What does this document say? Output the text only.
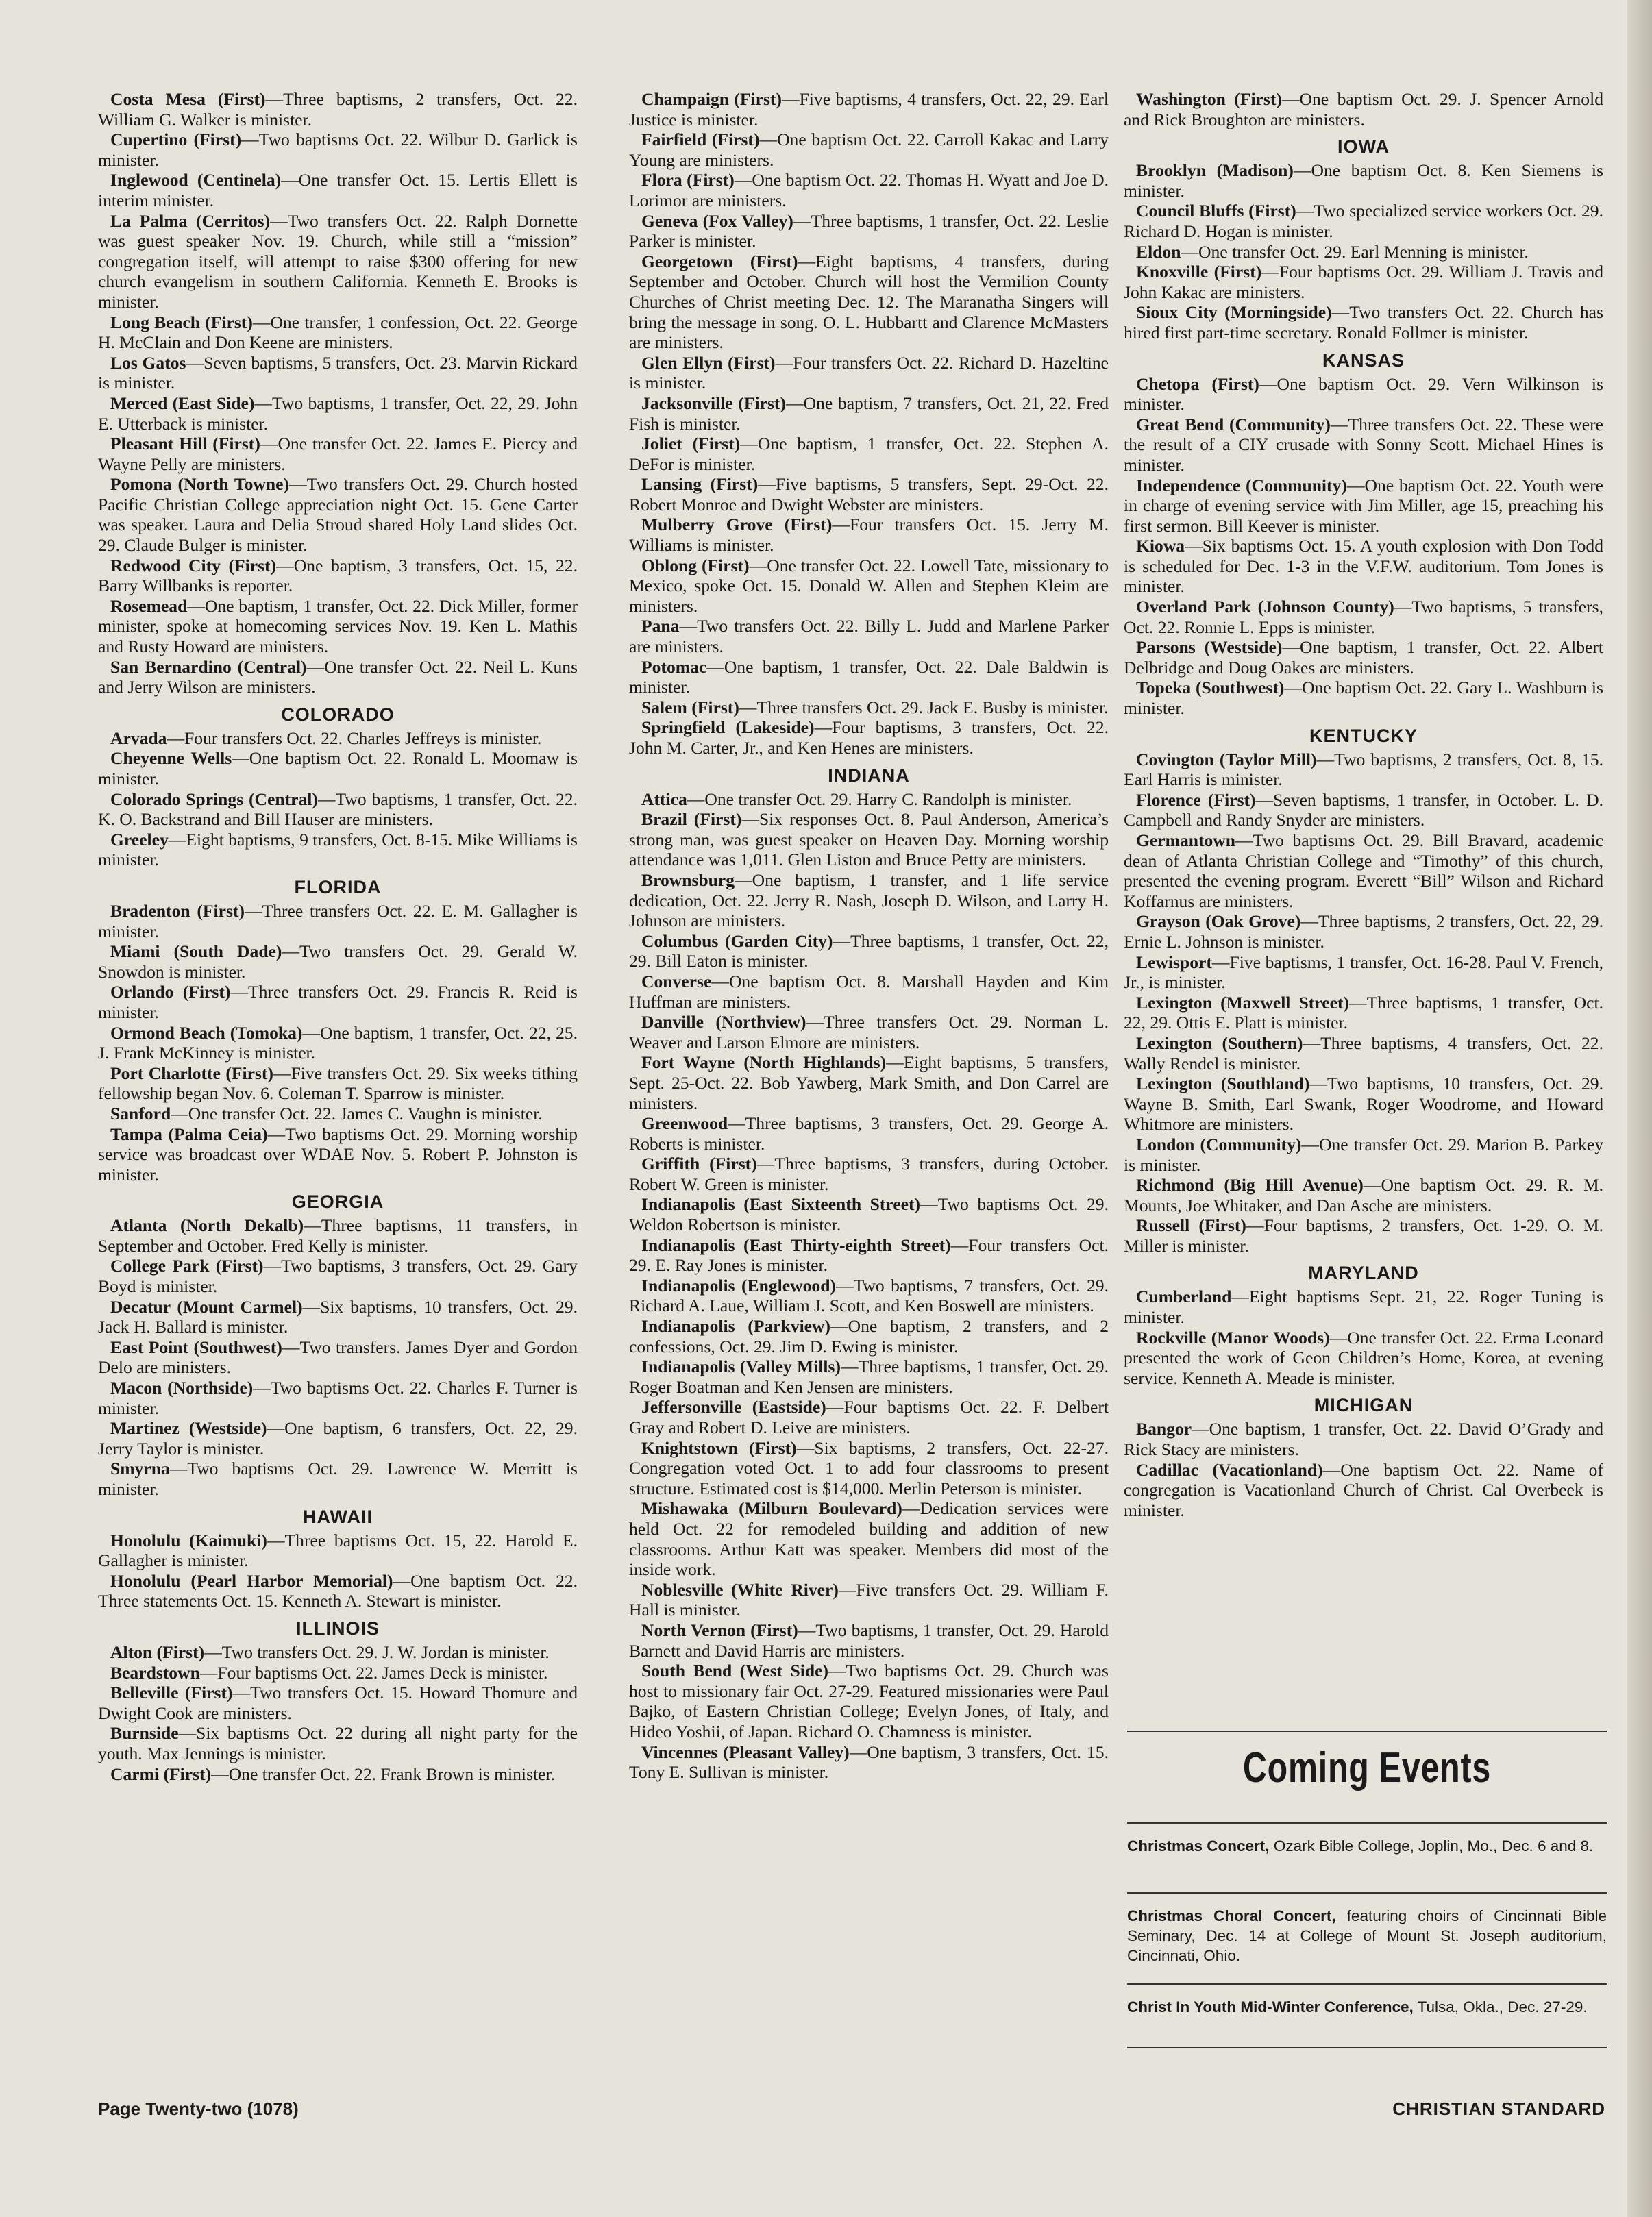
Costa Mesa (First)—Three baptisms, 2 transfers, Oct. 22. William G. Walker is minister.

Cupertino (First)—Two baptisms Oct. 22. Wilbur D. Garlick is minister.

Inglewood (Centinela)—One transfer Oct. 15. Lertis Ellett is interim minister.

La Palma (Cerritos)—Two transfers Oct. 22. Ralph Dornette was guest speaker Nov. 19. Church, while still a “mission” congregation itself, will attempt to raise $300 offering for new church evangelism in southern California. Kenneth E. Brooks is minister.

Long Beach (First)—One transfer, 1 confession, Oct. 22. George H. McClain and Don Keene are ministers.

Los Gatos—Seven baptisms, 5 transfers, Oct. 23. Marvin Rickard is minister.

Merced (East Side)—Two baptisms, 1 transfer, Oct. 22, 29. John E. Utterback is minister.

Pleasant Hill (First)—One transfer Oct. 22. James E. Piercy and Wayne Pelly are ministers.

Pomona (North Towne)—Two transfers Oct. 29. Church hosted Pacific Christian College appreciation night Oct. 15. Gene Carter was speaker. Laura and Delia Stroud shared Holy Land slides Oct. 29. Claude Bulger is minister.

Redwood City (First)—One baptism, 3 transfers, Oct. 15, 22. Barry Willbanks is reporter.

Rosemead—One baptism, 1 transfer, Oct. 22. Dick Miller, former minister, spoke at homecoming services Nov. 19. Ken L. Mathis and Rusty Howard are ministers.

San Bernardino (Central)—One transfer Oct. 22. Neil L. Kuns and Jerry Wilson are ministers.

COLORADO

Arvada—Four transfers Oct. 22. Charles Jeffreys is minister.

Cheyenne Wells—One baptism Oct. 22. Ronald L. Moomaw is minister.

Colorado Springs (Central)—Two baptisms, 1 transfer, Oct. 22. K. O. Backstrand and Bill Hauser are ministers.

Greeley—Eight baptisms, 9 transfers, Oct. 8-15. Mike Williams is minister.

FLORIDA

Bradenton (First)—Three transfers Oct. 22. E. M. Gallagher is minister.

Miami (South Dade)—Two transfers Oct. 29. Gerald W. Snowdon is minister.

Orlando (First)—Three transfers Oct. 29. Francis R. Reid is minister.

Ormond Beach (Tomoka)—One baptism, 1 transfer, Oct. 22, 25. J. Frank McKinney is minister.

Port Charlotte (First)—Five transfers Oct. 29. Six weeks tithing fellowship began Nov. 6. Coleman T. Sparrow is minister.

Sanford—One transfer Oct. 22. James C. Vaughn is minister.

Tampa (Palma Ceia)—Two baptisms Oct. 29. Morning worship service was broadcast over WDAE Nov. 5. Robert P. Johnston is minister.

GEORGIA

Atlanta (North Dekalb)—Three baptisms, 11 transfers, in September and October. Fred Kelly is minister.

College Park (First)—Two baptisms, 3 transfers, Oct. 29. Gary Boyd is minister.

Decatur (Mount Carmel)—Six baptisms, 10 transfers, Oct. 29. Jack H. Ballard is minister.

East Point (Southwest)—Two transfers. James Dyer and Gordon Delo are ministers.

Macon (Northside)—Two baptisms Oct. 22. Charles F. Turner is minister.

Martinez (Westside)—One baptism, 6 transfers, Oct. 22, 29. Jerry Taylor is minister.

Smyrna—Two baptisms Oct. 29. Lawrence W. Merritt is minister.

HAWAII

Honolulu (Kaimuki)—Three baptisms Oct. 15, 22. Harold E. Gallagher is minister.

Honolulu (Pearl Harbor Memorial)—One baptism Oct. 22. Three statements Oct. 15. Kenneth A. Stewart is minister.

ILLINOIS

Alton (First)—Two transfers Oct. 29. J. W. Jordan is minister.

Beardstown—Four baptisms Oct. 22. James Deck is minister.

Belleville (First)—Two transfers Oct. 15. Howard Thomure and Dwight Cook are ministers.

Burnside—Six baptisms Oct. 22 during all night party for the youth. Max Jennings is minister.

Carmi (First)—One transfer Oct. 22. Frank Brown is minister.

Champaign (First)—Five baptisms, 4 transfers, Oct. 22, 29. Earl Justice is minister.

Fairfield (First)—One baptism Oct. 22. Carroll Kakac and Larry Young are ministers.

Flora (First)—One baptism Oct. 22. Thomas H. Wyatt and Joe D. Lorimor are ministers.

Geneva (Fox Valley)—Three baptisms, 1 transfer, Oct. 22. Leslie Parker is minister.

Georgetown (First)—Eight baptisms, 4 transfers, during September and October. Church will host the Vermilion County Churches of Christ meeting Dec. 12. The Maranatha Singers will bring the message in song. O. L. Hubbartt and Clarence McMasters are ministers.

Glen Ellyn (First)—Four transfers Oct. 22. Richard D. Hazeltine is minister.

Jacksonville (First)—One baptism, 7 transfers, Oct. 21, 22. Fred Fish is minister.

Joliet (First)—One baptism, 1 transfer, Oct. 22. Stephen A. DeFor is minister.

Lansing (First)—Five baptisms, 5 transfers, Sept. 29-Oct. 22. Robert Monroe and Dwight Webster are ministers.

Mulberry Grove (First)—Four transfers Oct. 15. Jerry M. Williams is minister.

Oblong (First)—One transfer Oct. 22. Lowell Tate, missionary to Mexico, spoke Oct. 15. Donald W. Allen and Stephen Kleim are ministers.

Pana—Two transfers Oct. 22. Billy L. Judd and Marlene Parker are ministers.

Potomac—One baptism, 1 transfer, Oct. 22. Dale Baldwin is minister.

Salem (First)—Three transfers Oct. 29. Jack E. Busby is minister.

Springfield (Lakeside)—Four baptisms, 3 transfers, Oct. 22. John M. Carter, Jr., and Ken Henes are ministers.

INDIANA

Attica—One transfer Oct. 29. Harry C. Randolph is minister.

Brazil (First)—Six responses Oct. 8. Paul Anderson, America’s strong man, was guest speaker on Heaven Day. Morning worship attendance was 1,011. Glen Liston and Bruce Petty are ministers.

Brownsburg—One baptism, 1 transfer, and 1 life service dedication, Oct. 22. Jerry R. Nash, Joseph D. Wilson, and Larry H. Johnson are ministers.

Columbus (Garden City)—Three baptisms, 1 transfer, Oct. 22, 29. Bill Eaton is minister.

Converse—One baptism Oct. 8. Marshall Hayden and Kim Huffman are ministers.

Danville (Northview)—Three transfers Oct. 29. Norman L. Weaver and Larson Elmore are ministers.

Fort Wayne (North Highlands)—Eight baptisms, 5 transfers, Sept. 25-Oct. 22. Bob Yawberg, Mark Smith, and Don Carrel are ministers.

Greenwood—Three baptisms, 3 transfers, Oct. 29. George A. Roberts is minister.

Griffith (First)—Three baptisms, 3 transfers, during October. Robert W. Green is minister.

Indianapolis (East Sixteenth Street)—Two baptisms Oct. 29. Weldon Robertson is minister.

Indianapolis (East Thirty-eighth Street)—Four transfers Oct. 29. E. Ray Jones is minister.

Indianapolis (Englewood)—Two baptisms, 7 transfers, Oct. 29. Richard A. Laue, William J. Scott, and Ken Boswell are ministers.

Indianapolis (Parkview)—One baptism, 2 transfers, and 2 confessions, Oct. 29. Jim D. Ewing is minister.

Indianapolis (Valley Mills)—Three baptisms, 1 transfer, Oct. 29. Roger Boatman and Ken Jensen are ministers.

Jeffersonville (Eastside)—Four baptisms Oct. 22. F. Delbert Gray and Robert D. Leive are ministers.

Knightstown (First)—Six baptisms, 2 transfers, Oct. 22-27. Congregation voted Oct. 1 to add four classrooms to present structure. Estimated cost is $14,000. Merlin Peterson is minister.

Mishawaka (Milburn Boulevard)—Dedication services were held Oct. 22 for remodeled building and addition of new classrooms. Arthur Katt was speaker. Members did most of the inside work.

Noblesville (White River)—Five transfers Oct. 29. William F. Hall is minister.

North Vernon (First)—Two baptisms, 1 transfer, Oct. 29. Harold Barnett and David Harris are ministers.

South Bend (West Side)—Two baptisms Oct. 29. Church was host to missionary fair Oct. 27-29. Featured missionaries were Paul Bajko, of Eastern Christian College; Evelyn Jones, of Italy, and Hideo Yoshii, of Japan. Richard O. Chamness is minister.

Vincennes (Pleasant Valley)—One baptism, 3 transfers, Oct. 15. Tony E. Sullivan is minister.

Washington (First)—One baptism Oct. 29. J. Spencer Arnold and Rick Broughton are ministers.

IOWA

Brooklyn (Madison)—One baptism Oct. 8. Ken Siemens is minister.

Council Bluffs (First)—Two specialized service workers Oct. 29. Richard D. Hogan is minister.

Eldon—One transfer Oct. 29. Earl Menning is minister.

Knoxville (First)—Four baptisms Oct. 29. William J. Travis and John Kakac are ministers.

Sioux City (Morningside)—Two transfers Oct. 22. Church has hired first part-time secretary. Ronald Follmer is minister.

KANSAS

Chetopa (First)—One baptism Oct. 29. Vern Wilkinson is minister.

Great Bend (Community)—Three transfers Oct. 22. These were the result of a CIY crusade with Sonny Scott. Michael Hines is minister.

Independence (Community)—One baptism Oct. 22. Youth were in charge of evening service with Jim Miller, age 15, preaching his first sermon. Bill Keever is minister.

Kiowa—Six baptisms Oct. 15. A youth explosion with Don Todd is scheduled for Dec. 1-3 in the V.F.W. auditorium. Tom Jones is minister.

Overland Park (Johnson County)—Two baptisms, 5 transfers, Oct. 22. Ronnie L. Epps is minister.

Parsons (Westside)—One baptism, 1 transfer, Oct. 22. Albert Delbridge and Doug Oakes are ministers.

Topeka (Southwest)—One baptism Oct. 22. Gary L. Washburn is minister.

KENTUCKY

Covington (Taylor Mill)—Two baptisms, 2 transfers, Oct. 8, 15. Earl Harris is minister.

Florence (First)—Seven baptisms, 1 transfer, in October. L. D. Campbell and Randy Snyder are ministers.

Germantown—Two baptisms Oct. 29. Bill Bravard, academic dean of Atlanta Christian College and “Timothy” of this church, presented the evening program. Everett “Bill” Wilson and Richard Koffarnus are ministers.

Grayson (Oak Grove)—Three baptisms, 2 transfers, Oct. 22, 29. Ernie L. Johnson is minister.

Lewisport—Five baptisms, 1 transfer, Oct. 16-28. Paul V. French, Jr., is minister.

Lexington (Maxwell Street)—Three baptisms, 1 transfer, Oct. 22, 29. Ottis E. Platt is minister.

Lexington (Southern)—Three baptisms, 4 transfers, Oct. 22. Wally Rendel is minister.

Lexington (Southland)—Two baptisms, 10 transfers, Oct. 29. Wayne B. Smith, Earl Swank, Roger Woodrome, and Howard Whitmore are ministers.

London (Community)—One transfer Oct. 29. Marion B. Parkey is minister.

Richmond (Big Hill Avenue)—One baptism Oct. 29. R. M. Mounts, Joe Whitaker, and Dan Asche are ministers.

Russell (First)—Four baptisms, 2 transfers, Oct. 1-29. O. M. Miller is minister.

MARYLAND

Cumberland—Eight baptisms Sept. 21, 22. Roger Tuning is minister.

Rockville (Manor Woods)—One transfer Oct. 22. Erma Leonard presented the work of Geon Children’s Home, Korea, at evening service. Kenneth A. Meade is minister.

MICHIGAN

Bangor—One baptism, 1 transfer, Oct. 22. David O’Grady and Rick Stacy are ministers.

Cadillac (Vacationland)—One baptism Oct. 22. Name of congregation is Vacationland Church of Christ. Cal Overbeek is minister.

Coming Events
Christmas Concert, Ozark Bible College, Joplin, Mo., Dec. 6 and 8.
Christmas Choral Concert, featuring choirs of Cincinnati Bible Seminary, Dec. 14 at College of Mount St. Joseph auditorium, Cincinnati, Ohio.
Christ In Youth Mid-Winter Conference, Tulsa, Okla., Dec. 27-29.
Page Twenty-two (1078)	CHRISTIAN STANDARD
